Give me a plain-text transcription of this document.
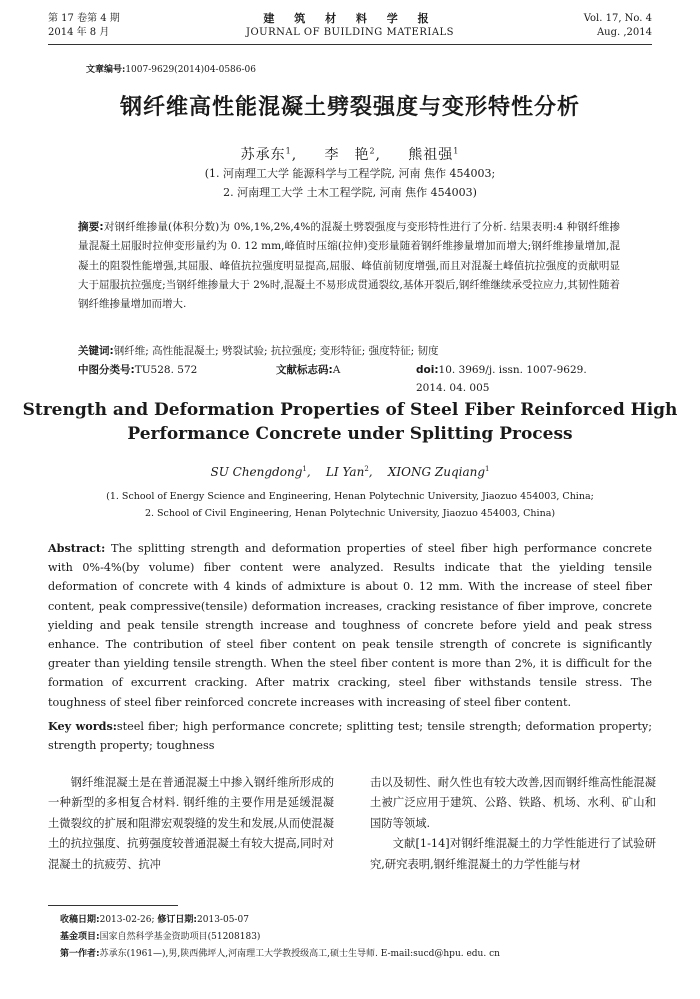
第 17 卷第 4 期
2014 年 8 月
建 筑 材 料 学 报
JOURNAL OF BUILDING MATERIALS
Vol. 17, No. 4
Aug. ,2014
文章编号:1007-9629(2014)04-0586-06
钢纤维高性能混凝土劈裂强度与变形特性分析
苏承东$^1$,     李　艳$^2$,     熊祖强$^1$
(1. 河南理工大学 能源科学与工程学院, 河南 焦作 454003;
2. 河南理工大学 土木工程学院, 河南 焦作 454003)
摘要:对钢纤维掺量(体积分数)为 0%,1%,2%,4%的混凝土劈裂强度与变形特性进行了分析. 结果表明:4 种钢纤维掺量混凝土屈服时拉伸变形量约为 0. 12 mm,峰值时压缩(拉伸)变形量随着钢纤维掺量增加而增大;钢纤维掺量增加,混凝土的阻裂性能增强,其屈服、峰值抗拉强度明显提高,屈服、峰值前韧度增强,而且对混凝土峰值抗拉强度的贡献明显大于屈服抗拉强度;当钢纤维掺量大于 2%时,混凝土不易形成贯通裂纹,基体开裂后,钢纤维继续承受拉应力,其韧性随着钢纤维掺量增加而增大.
关键词:钢纤维; 高性能混凝土; 劈裂试验; 抗拉强度; 变形特征; 强度特征; 韧度
中图分类号:TU528. 572	文献标志码:A	doi:10. 3969/j. issn. 1007-9629. 2014. 04. 005
Strength and Deformation Properties of Steel Fiber Reinforced High
Performance Concrete under Splitting Process
SU Chengdong$^1$,    LI Yan$^2$,    XIONG Zuqiang$^1$
(1. School of Energy Science and Engineering, Henan Polytechnic University, Jiaozuo 454003, China;
2. School of Civil Engineering, Henan Polytechnic University, Jiaozuo 454003, China)
Abstract: The splitting strength and deformation properties of steel fiber high performance concrete with 0%-4%(by volume) fiber content were analyzed. Results indicate that the yielding tensile deformation of concrete with 4 kinds of admixture is about 0. 12 mm. With the increase of steel fiber content, peak compressive(tensile) deformation increases, cracking resistance of fiber improve, concrete yielding and peak tensile strength increase and toughness of concrete before yield and peak stress enhance. The contribution of steel fiber content on peak tensile strength of concrete is significantly greater than yielding tensile strength. When the steel fiber content is more than 2%, it is difficult for the formation of excurrent cracking. After matrix cracking, steel fiber withstands tensile stress. The toughness of steel fiber reinforced concrete increases with increasing of steel fiber content.
Key words:steel fiber; high performance concrete; splitting test; tensile strength; deformation property; strength property; toughness

钢纤维混凝土是在普通混凝土中掺入钢纤维所形成的一种新型的多相复合材料. 钢纤维的主要作用是延缓混凝土微裂纹的扩展和阻滞宏观裂缝的发生和发展,从而使混凝土的抗拉强度、抗剪强度较普通混凝土有较大提高,同时对混凝土的抗疲劳、抗冲

击以及韧性、耐久性也有较大改善,因而钢纤维高性能混凝土被广泛应用于建筑、公路、铁路、机场、水利、矿山和国防等领域.

文献[1-14]对钢纤维混凝土的力学性能进行了试验研究,研究表明,钢纤维混凝土的力学性能与材

收稿日期:2013-02-26; 修订日期:2013-05-07
基金项目:国家自然科学基金资助项目(51208183)
第一作者:苏承东(1961—),男,陕西佛坪人,河南理工大学教授级高工,硕士生导师. E-mail:sucd@hpu. edu. cn
